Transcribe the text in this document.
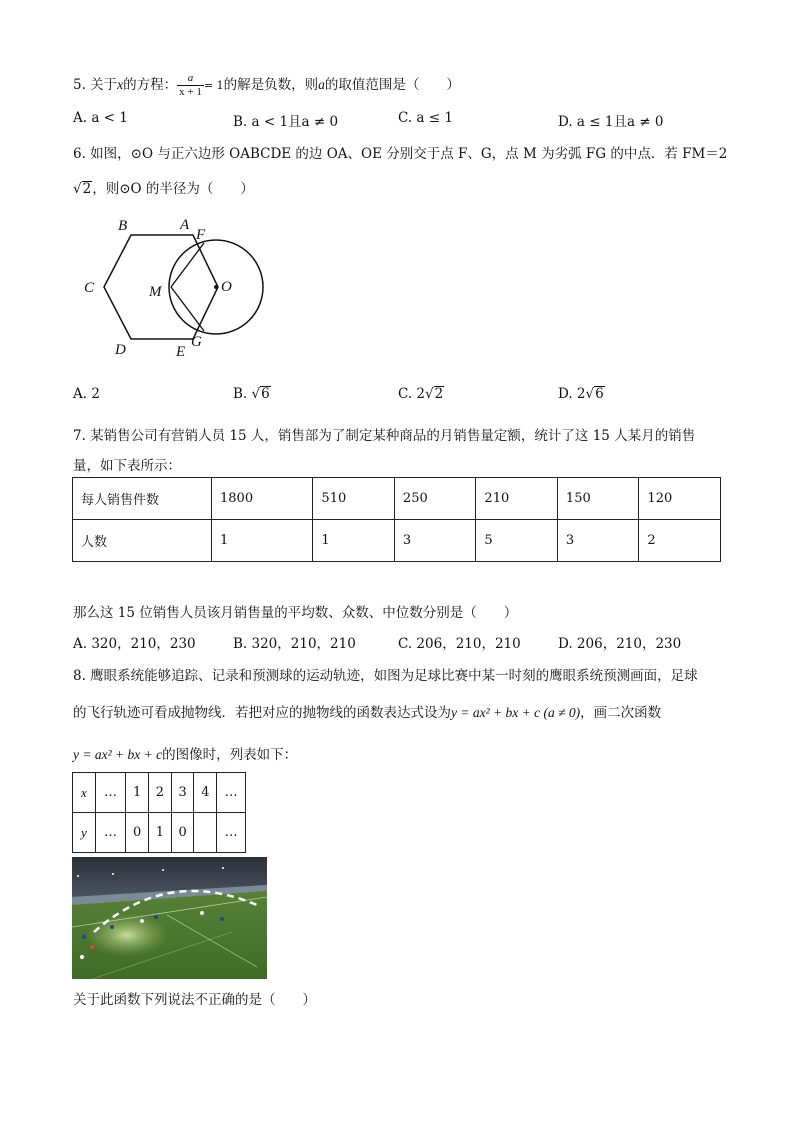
5. 关于x的方程： $\frac{a}{x + 1} = 1$的解是负数，则a的取值范围是（　　）
A. a < 1	B. a < 1且a ≠ 0	C. a ≤ 1	D. a ≤ 1且a ≠ 0
6. 如图，⊙O 与正六边形 OABCDE 的边 OA、OE 分别交于点 F、G，点 M 为劣弧 FG 的中点．若 FM＝2
√2，则⊙O 的半径为（　　）
B	A
F
C	M	O
D	E
G
A. 2	B. √6	C. 2√2	D. 2√6
7. 某销售公司有营销人员 15 人，销售部为了制定某种商品的月销售量定额，统计了这 15 人某月的销售
量，如下表所示：
每人销售件数	1800	510	250	210	150	120
人数	1	1	3	5	3	2
那么这 15 位销售人员该月销售量的平均数、众数、中位数分别是（　　）
A. 320，210，230	B. 320，210，210	C. 206，210，210	D. 206，210，230
8. 鹰眼系统能够追踪、记录和预测球的运动轨迹，如图为足球比赛中某一时刻的鹰眼系统预测画面，足球
的飞行轨迹可看成抛物线．若把对应的抛物线的函数表达式设为y = ax² + bx + c (a ≠ 0)，画二次函数
y = ax² + bx + c的图像时，列表如下：
x	…	1	2	3	4	…
y	…	0	1	0		…
关于此函数下列说法不正确的是（　　）
